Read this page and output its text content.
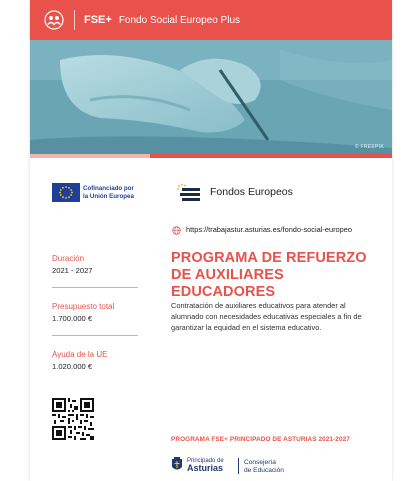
FSE+ Fondo Social Europeo Plus
© FREEPIK
Cofinanciado por
la Unión Europea	Fondos Europeos
https://trabajastur.asturias.es/fondo-social-europeo
Duración
2021 - 2027
Presupuesto total
1.700.000 €
Ayuda de la UE
1.020.000 €
PROGRAMA DE REFUERZO
DE AUXILIARES EDUCADORES
Contratación de auxiliares educativos para atender al alumnado con necesidades educativas especiales a fin de garantizar la equidad en el sistema educativo.
PROGRAMA FSE+ PRINCIPADO DE ASTURIAS 2021-2027
Principado de
Asturias
Consejería
de Educación
